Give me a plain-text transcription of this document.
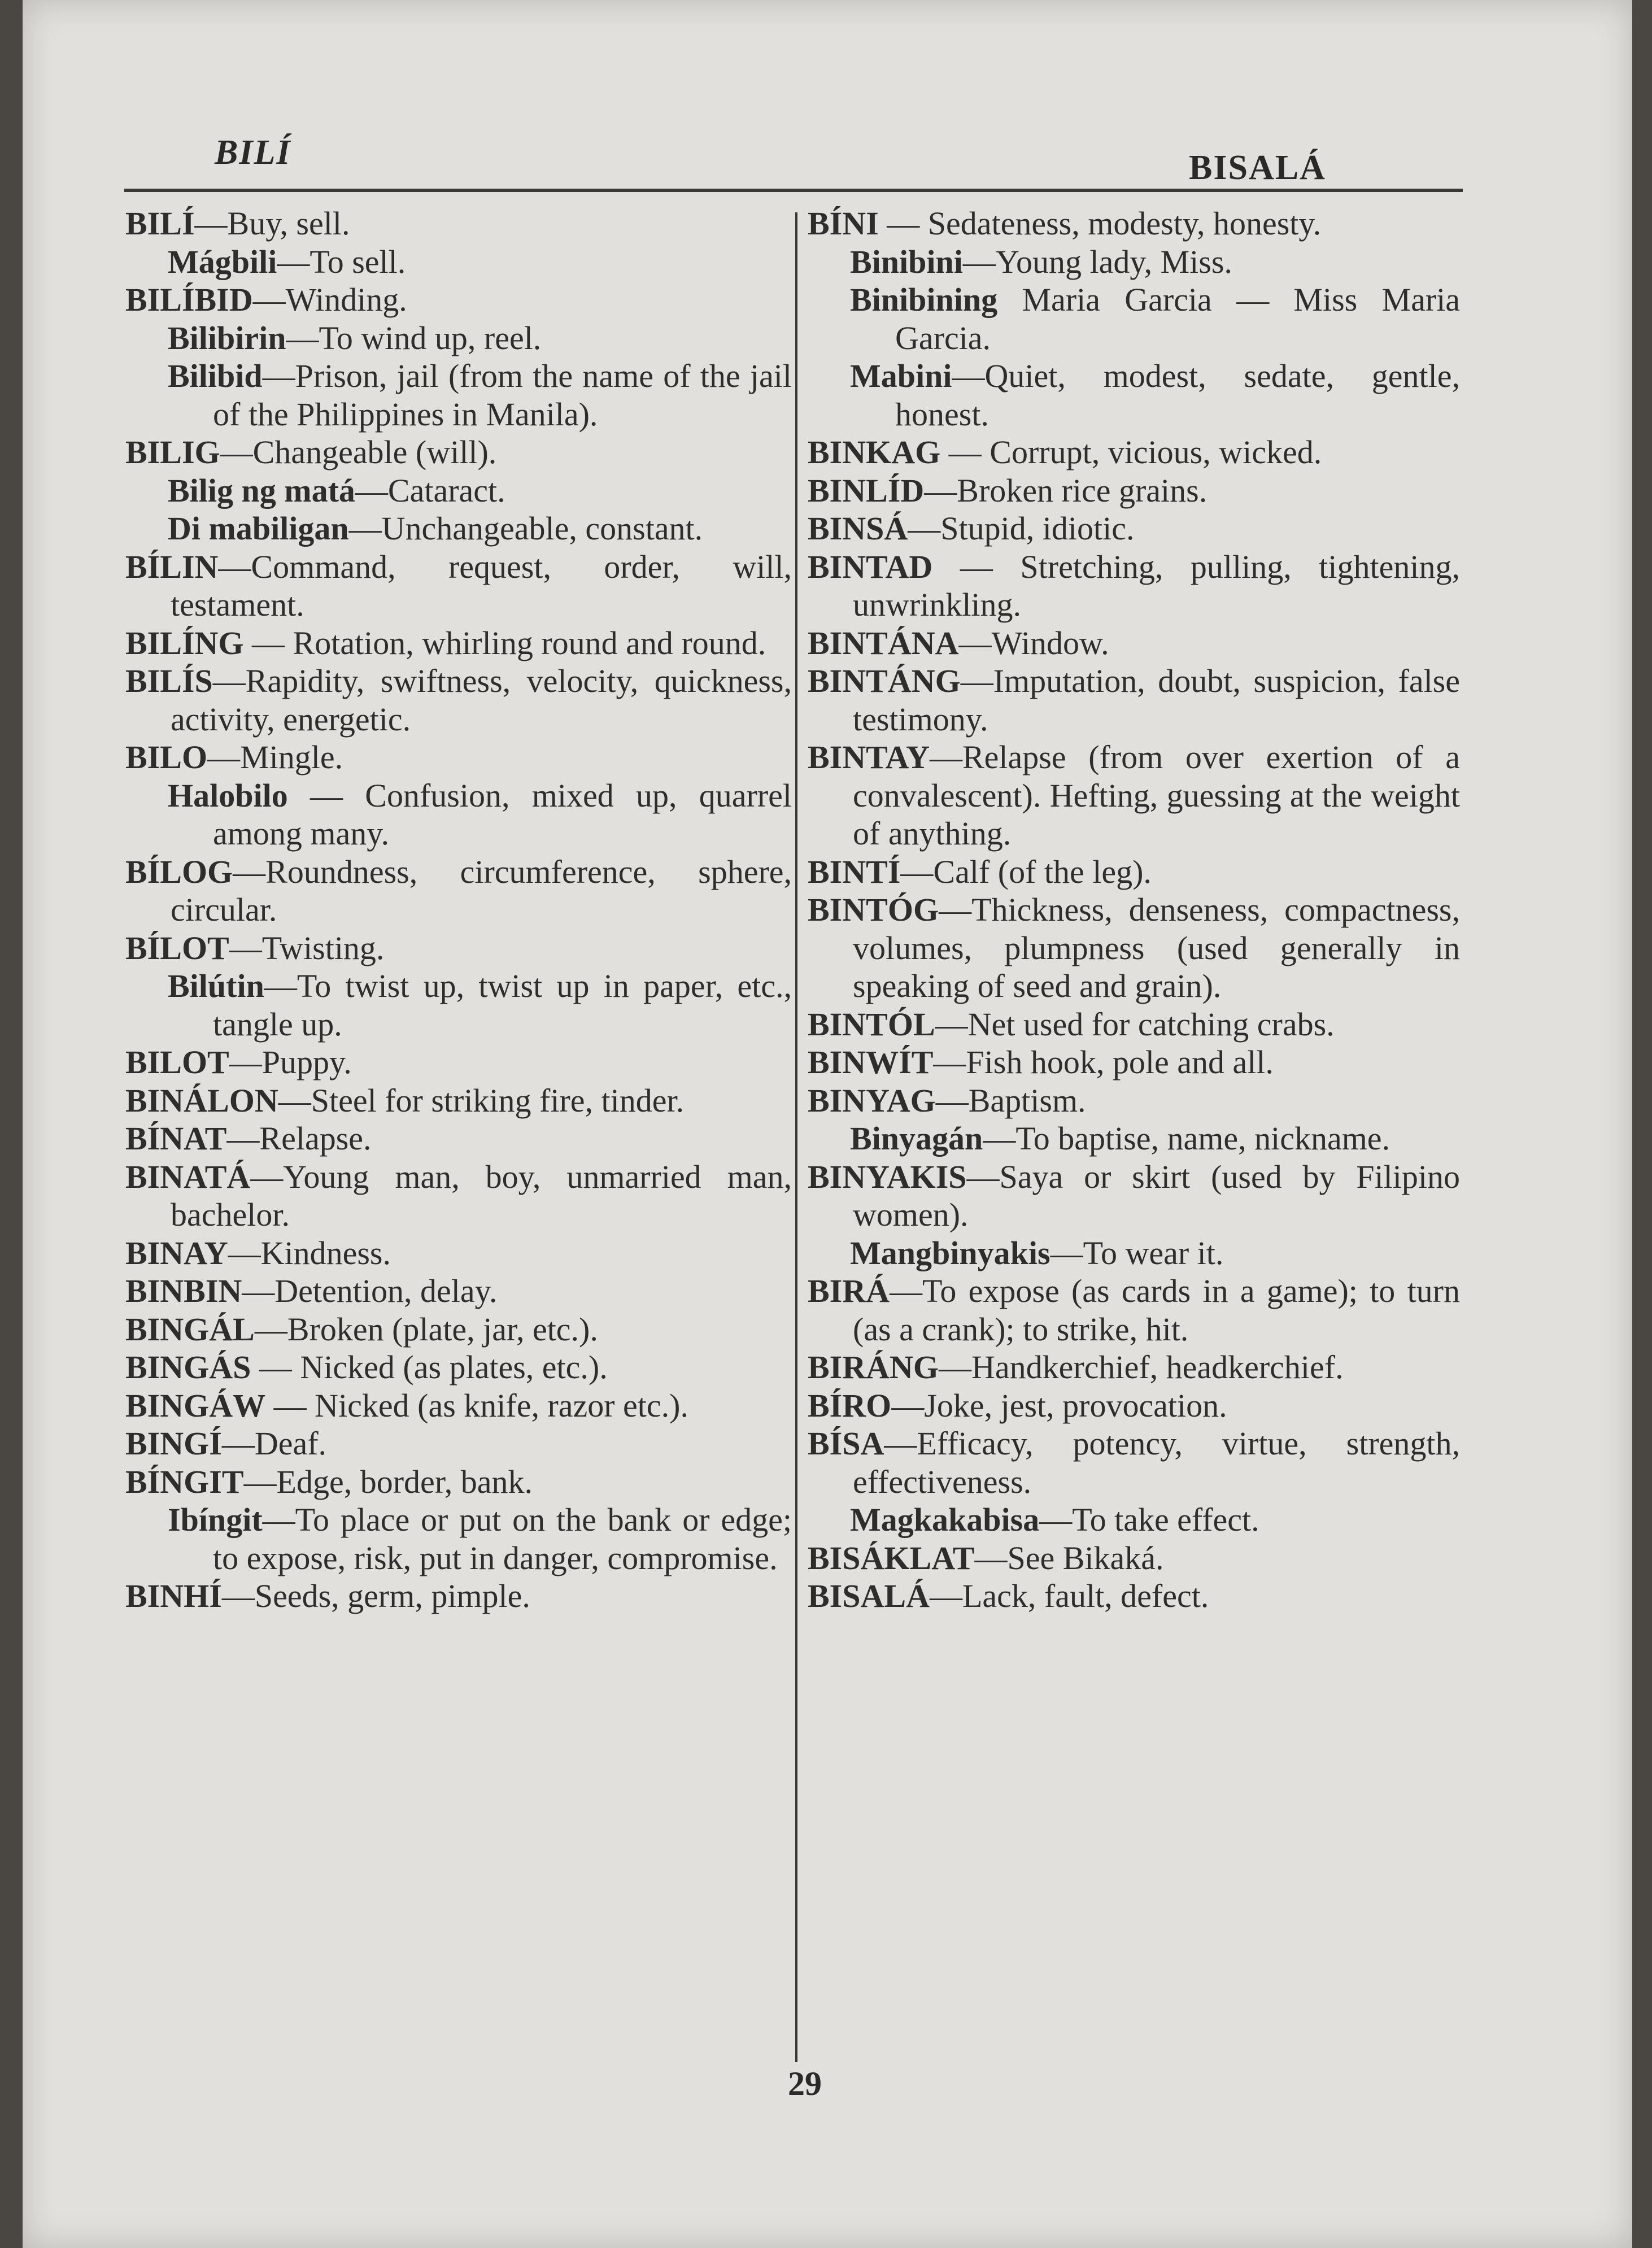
BILÍ	BISALÁ

BILÍ—Buy, sell.

Mágbili—To sell.

BILÍBID—Winding.

Bilibirin—To wind up, reel.

Bilibid—Prison, jail (from the name of the jail of the Philippines in Manila).

BILIG—Changeable (will).

Bilig ng matá—Cataract.

Di mabiligan—Unchangeable, constant.

BÍLIN—Command, request, order, will, testament.

BILÍNG — Rotation, whirling round and round.

BILÍS—Rapidity, swiftness, velocity, quickness, activity, energetic.

BILO—Mingle.

Halobilo — Confusion, mixed up, quarrel among many.

BÍLOG—Roundness, circumference, sphere, circular.

BÍLOT—Twisting.

Bilútin—To twist up, twist up in paper, etc., tangle up.

BILOT—Puppy.

BINÁLON—Steel for striking fire, tinder.

BÍNAT—Relapse.

BINATÁ—Young man, boy, unmarried man, bachelor.

BINAY—Kindness.

BINBIN—Detention, delay.

BINGÁL—Broken (plate, jar, etc.).

BINGÁS — Nicked (as plates, etc.).

BINGÁW — Nicked (as knife, razor etc.).

BINGÍ—Deaf.

BÍNGIT—Edge, border, bank.

Ibíngit—To place or put on the bank or edge; to expose, risk, put in danger, compromise.

BINHÍ—Seeds, germ, pimple.

BÍNI — Sedateness, modesty, honesty.

Binibini—Young lady, Miss.

Binibining Maria Garcia — Miss Maria Garcia.

Mabini—Quiet, modest, sedate, gentle, honest.

BINKAG — Corrupt, vicious, wicked.

BINLÍD—Broken rice grains.

BINSÁ—Stupid, idiotic.

BINTAD — Stretching, pulling, tightening, unwrinkling.

BINTÁNA—Window.

BINTÁNG—Imputation, doubt, suspicion, false testimony.

BINTAY—Relapse (from over exertion of a convalescent). Hefting, guessing at the weight of anything.

BINTÍ—Calf (of the leg).

BINTÓG—Thickness, denseness, compactness, volumes, plumpness (used generally in speaking of seed and grain).

BINTÓL—Net used for catching crabs.

BINWÍT—Fish hook, pole and all.

BINYAG—Baptism.

Binyagán—To baptise, name, nickname.

BINYAKIS—Saya or skirt (used by Filipino women).

Mangbinyakis—To wear it.

BIRÁ—To expose (as cards in a game); to turn (as a crank); to strike, hit.

BIRÁNG—Handkerchief, headkerchief.

BÍRO—Joke, jest, provocation.

BÍSA—Efficacy, potency, virtue, strength, effectiveness.

Magkakabisa—To take effect.

BISÁKLAT—See Bikaká.

BISALÁ—Lack, fault, defect.

29
